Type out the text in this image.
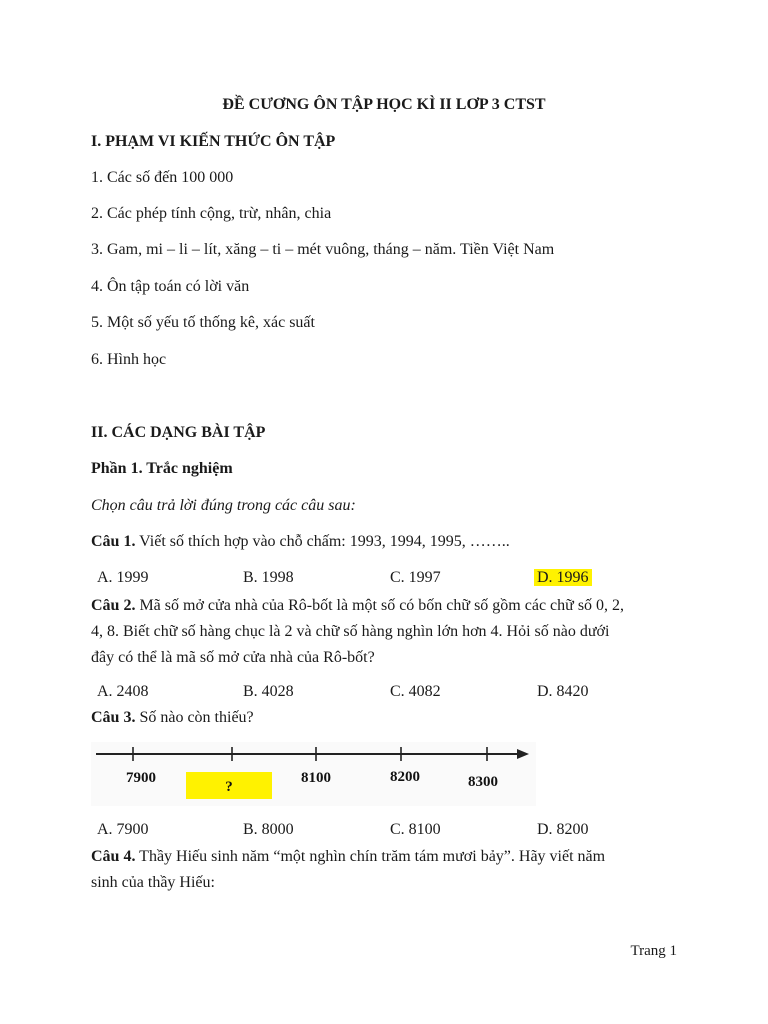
ĐỀ CƯƠNG ÔN TẬP HỌC KÌ II LƠP 3 CTST
I. PHẠM VI KIẾN THỨC ÔN TẬP
1. Các số đến 100 000
2. Các phép tính cộng, trừ, nhân, chia
3. Gam, mi – li – lít, xăng – ti – mét vuông, tháng – năm. Tiền Việt Nam
4. Ôn tập toán có lời văn
5. Một số yếu tố thống kê, xác suất
6. Hình học
II. CÁC DẠNG BÀI TẬP
Phần 1. Trắc nghiệm
Chọn câu trả lời đúng trong các câu sau:
Câu 1. Viết số thích hợp vào chỗ chấm: 1993, 1994, 1995, ……..
A. 1999	B. 1998	C. 1997	D. 1996
Câu 2. Mã số mở cửa nhà của Rô-bốt là một số có bốn chữ số gồm các chữ số 0, 2,
4, 8. Biết chữ số hàng chục là 2 và chữ số hàng nghìn lớn hơn 4. Hỏi số nào dưới
đây có thể là mã số mở cửa nhà của Rô-bốt?
A. 2408	B. 4028	C. 4082	D. 8420
Câu 3. Số nào còn thiếu?
7900
?
8100	8200	8300
A. 7900	B. 8000	C. 8100	D. 8200
Câu 4. Thầy Hiếu sinh năm “một nghìn chín trăm tám mươi bảy”. Hãy viết năm
sinh của thầy Hiếu:
Trang 1
